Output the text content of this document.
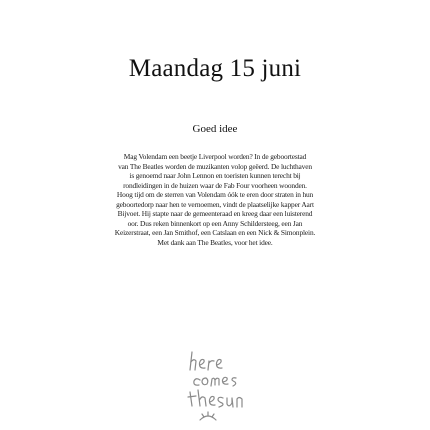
Maandag 15 juni
Goed idee
Mag Volendam een beetje Liverpool worden? In de geboortestad
van The Beatles worden de muzikanten volop geëerd. De luchthaven
is genoemd naar John Lennon en toeristen kunnen terecht bij
rondleidingen in de huizen waar de Fab Four voorheen woonden.
Hoog tijd om de sterren van Volendam óók te eren door straten in hun
geboortedorp naar hen te vernoemen, vindt de plaatselijke kapper Aart
Bijvoet. Hij stapte naar de gemeenteraad en kreeg daar een luisterend
oor. Dus reken binnenkort op een Anny Schildersteeg, een Jan
Keizerstraat, een Jan Smithof, een Catslaan en een Nick & Simonplein.
Met dank aan The Beatles, voor het idee.
